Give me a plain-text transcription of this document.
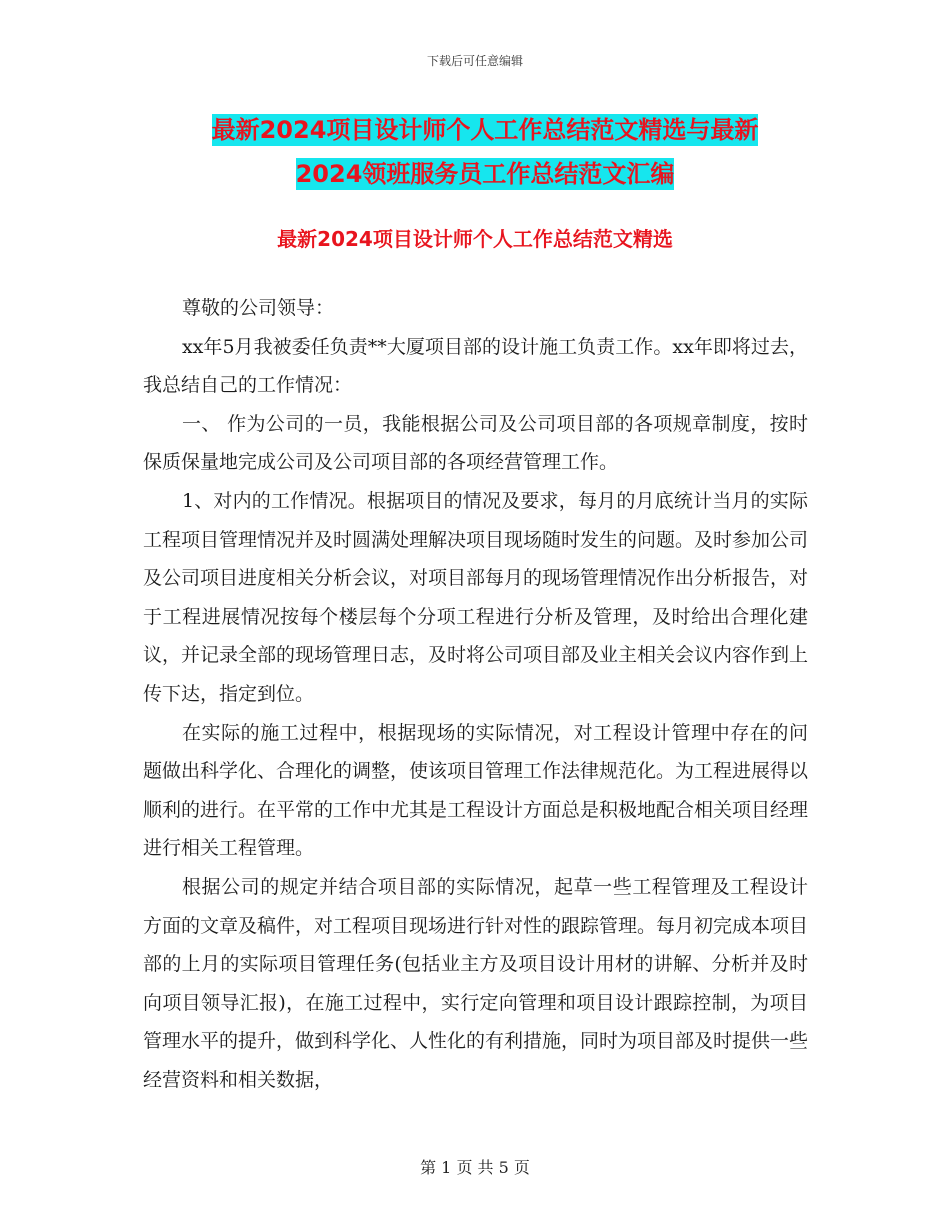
下载后可任意编辑
最新2024项目设计师个人工作总结范文精选与最新
2024领班服务员工作总结范文汇编
最新2024项目设计师个人工作总结范文精选

尊敬的公司领导：

xx年5月我被委任负责**大厦项目部的设计施工负责工作。xx年即将过去，我总结自己的工作情况：

一、 作为公司的一员，我能根据公司及公司项目部的各项规章制度，按时保质保量地完成公司及公司项目部的各项经营管理工作。

1、对内的工作情况。根据项目的情况及要求，每月的月底统计当月的实际工程项目管理情况并及时圆满处理解决项目现场随时发生的问题。及时参加公司及公司项目进度相关分析会议，对项目部每月的现场管理情况作出分析报告，对于工程进展情况按每个楼层每个分项工程进行分析及管理，及时给出合理化建议，并记录全部的现场管理日志，及时将公司项目部及业主相关会议内容作到上传下达，指定到位。

在实际的施工过程中，根据现场的实际情况，对工程设计管理中存在的问题做出科学化、合理化的调整，使该项目管理工作法律规范化。为工程进展得以顺利的进行。在平常的工作中尤其是工程设计方面总是积极地配合相关项目经理进行相关工程管理。

根据公司的规定并结合项目部的实际情况，起草一些工程管理及工程设计方面的文章及稿件，对工程项目现场进行针对性的跟踪管理。每月初完成本项目部的上月的实际项目管理任务(包括业主方及项目设计用材的讲解、分析并及时向项目领导汇报)，在施工过程中，实行定向管理和项目设计跟踪控制，为项目管理水平的提升，做到科学化、人性化的有利措施，同时为项目部及时提供一些经营资料和相关数据，

第 1 页 共 5 页
